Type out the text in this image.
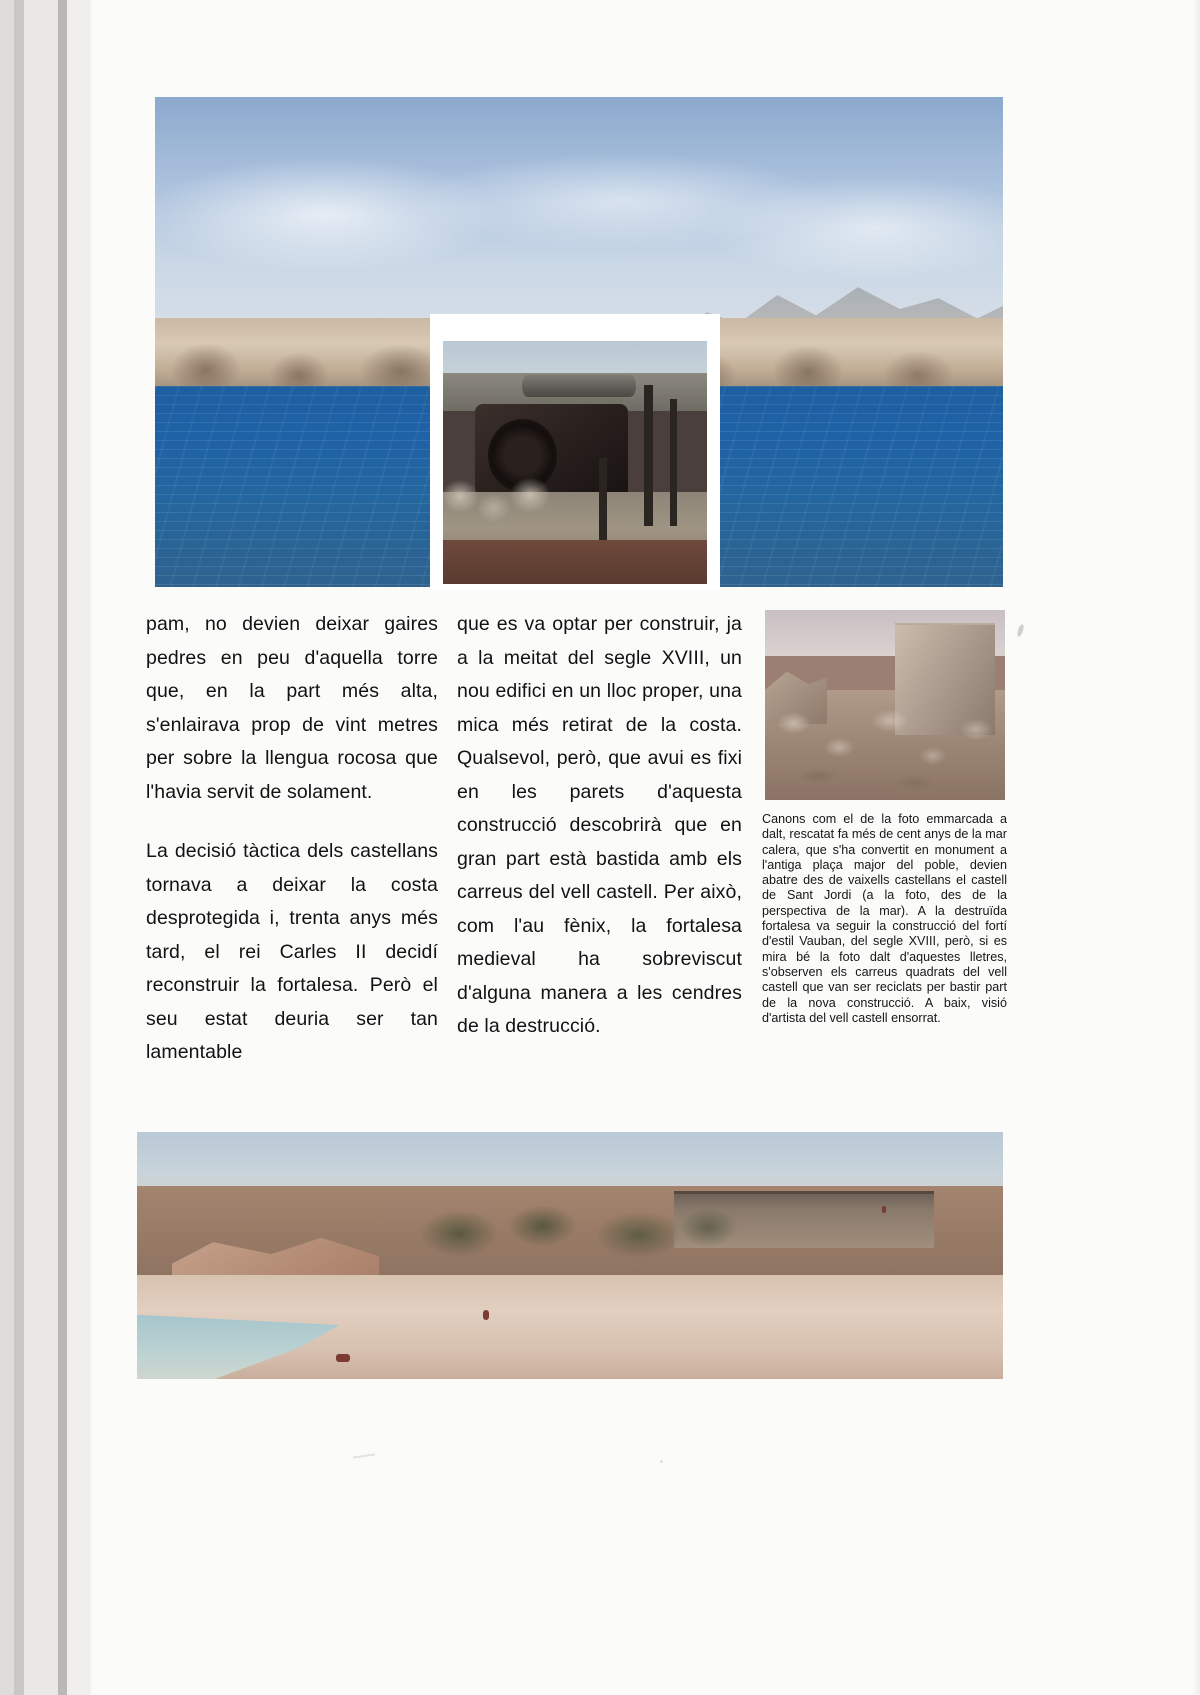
pam, no devien deixar gaires pedres en peu d'aquella torre que, en la part més alta, s'enlairava prop de vint metres per sobre la llengua rocosa que l'havia servit de solament.

La decisió tàctica dels castellans tornava a deixar la costa desprotegida i, trenta anys més tard, el rei Carles II decidí reconstruir la fortalesa. Però el seu estat deuria ser tan lamentable

que es va optar per construir, ja a la meitat del segle XVIII, un nou edifici en un lloc proper, una mica més retirat de la costa. Qualsevol, però, que avui es fixi en les parets d'aquesta construcció descobrirà que en gran part està bastida amb els carreus del vell castell. Per això, com l'au fènix, la fortalesa medieval ha sobreviscut d'alguna manera a les cendres de la destrucció.

Canons com el de la foto emmarcada a dalt, rescatat fa més de cent anys de la mar calera, que s'ha convertit en monument a l'antiga plaça major del poble, devien abatre des de vaixells castellans el castell de Sant Jordi (a la foto, des de la perspectiva de la mar). A la destruïda fortalesa va seguir la construcció del fortí d'estil Vauban, del segle XVIII, però, si es mira bé la foto dalt d'aquestes lletres, s'observen els carreus quadrats del vell castell que van ser reciclats per bastir part de la nova construcció. A baix, visió d'artista del vell castell ensorrat.
